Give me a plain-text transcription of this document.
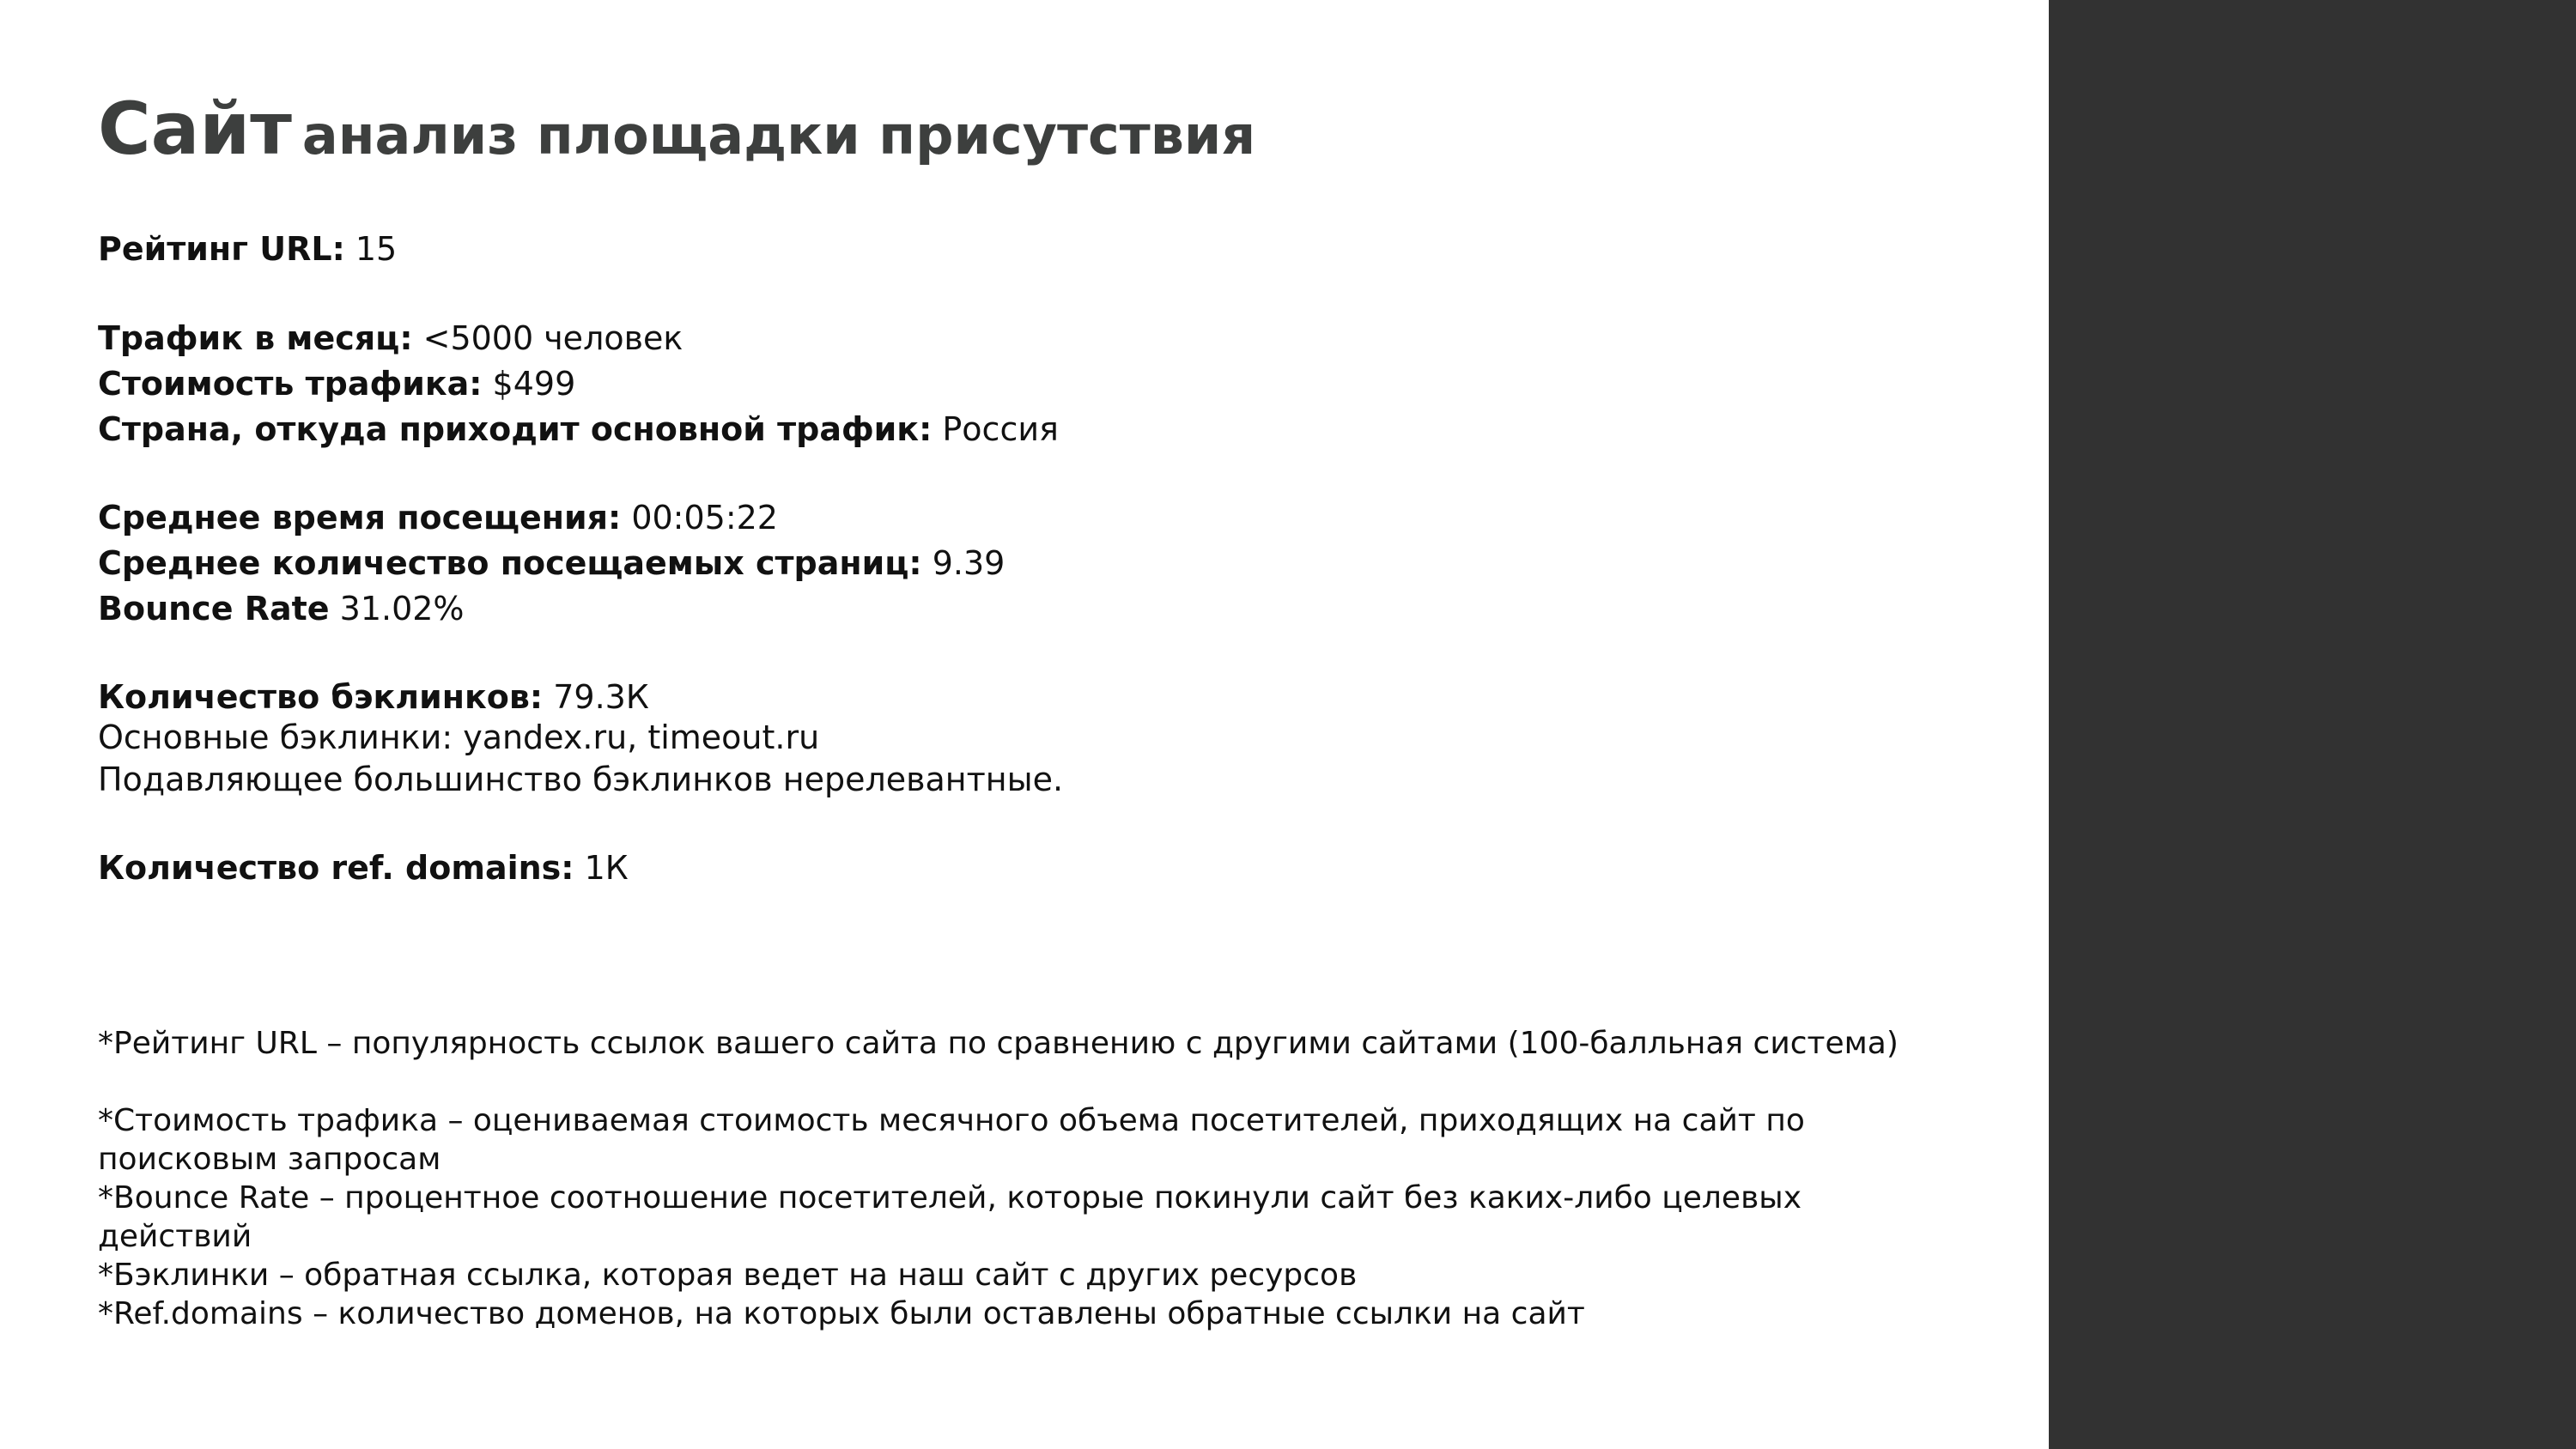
Сайт анализ площадки присутствия
Рейтинг URL: 15
Трафик в месяц: <5000 человек
Стоимость трафика: $499
Страна, откуда приходит основной трафик: Россия
Среднее время посещения: 00:05:22
Среднее количество посещаемых страниц: 9.39
Bounce Rate 31.02%
Количество бэклинков: 79.3К
Основные бэклинки: yandex.ru, timeout.ru
Подавляющее большинство бэклинков нерелевантные.
Количество ref. domains: 1К
*Рейтинг URL – популярность ссылок вашего сайта по сравнению с другими сайтами (100-балльная система)
*Стоимость трафика – оцениваемая стоимость месячного объема посетителей, приходящих на сайт по поисковым запросам
*Bounce Rate – процентное соотношение посетителей, которые покинули сайт без каких-либо целевых действий
*Бэклинки – обратная ссылка, которая ведет на наш сайт с других ресурсов
*Ref.domains – количество доменов, на которых были оставлены обратные ссылки на сайт
